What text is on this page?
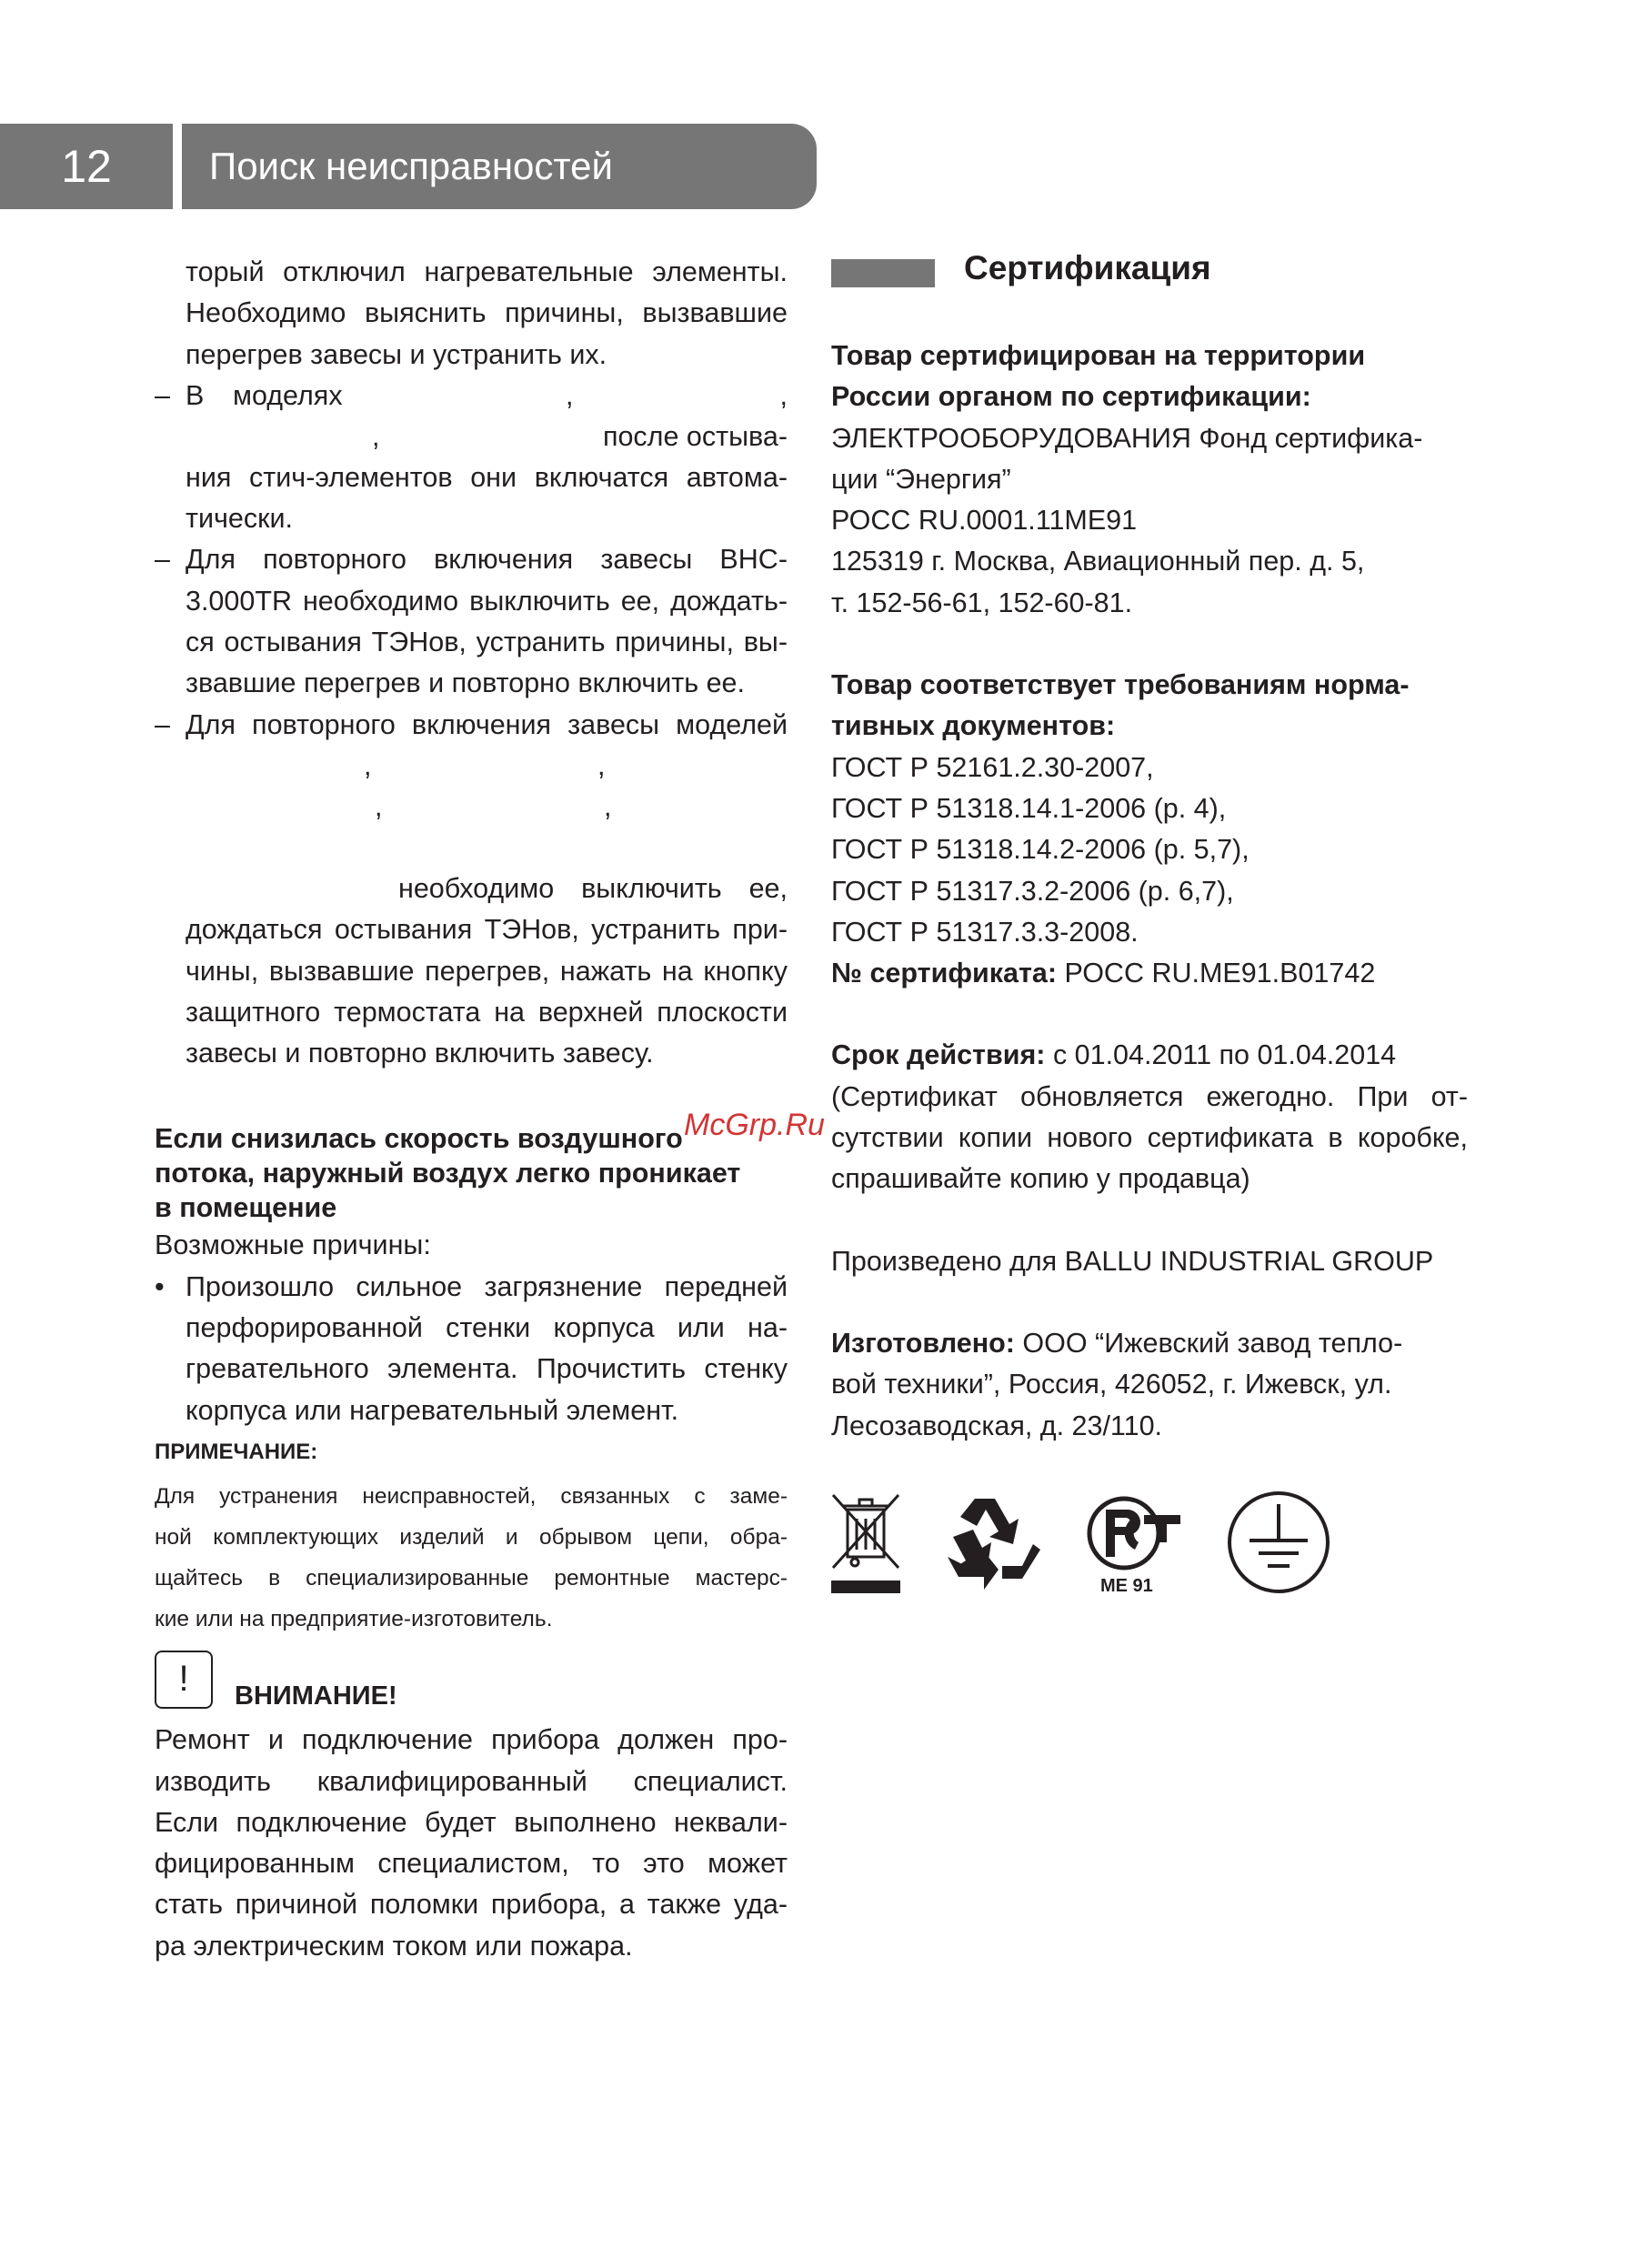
12	Поиск неисправностей

торый отключил нагревательные элементы.

Необходимо выяснить причины, вызвавшие

перегрев завесы и устранить их.

– В моделях	,	,

,	после остыва-

ния стич-элементов они включатся автома-

тически.

– Для повторного включения завесы ВНС-

3.000TR необходимо выключить ее, дождать-

ся остывания ТЭНов, устранить причины, вы-

звавшие перегрев и повторно включить ее.

– Для повторного включения завесы моделей

,	,

,	,

необходимо выключить ее,

дождаться остывания ТЭНов, устранить при-

чины, вызвавшие перегрев, нажать на кнопку

защитного термостата на верхней плоскости

завесы и повторно включить завесу.

Если снизилась скорость воздушного

потока, наружный воздух легко проникает

в помещение

Возможные причины:

• Произошло сильное загрязнение передней

перфорированной стенки корпуса или на-

гревательного элемента. Прочистить стенку

корпуса или нагревательный элемент.

ПРИМЕЧАНИЕ:

Для устранения неисправностей, связанных с заме-

ной комплектующих изделий и обрывом цепи, обра-

щайтесь в специализированные ремонтные мастерс-

кие или на предприятие-изготовитель.

!	ВНИМАНИЕ!

Ремонт и подключение прибора должен про-

изводить квалифицированный специалист.

Если подключение будет выполнено неквали-

фицированным специалистом, то это может

стать причиной поломки прибора, а также уда-

ра электрическим током или пожара.

Сертификация

Товар сертифицирован на территории

России органом по сертификации:

ЭЛЕКТРООБОРУДОВАНИЯ Фонд сертифика-

ции “Энергия”

РОСС RU.0001.11МЕ91

125319 г. Москва, Авиационный пер. д. 5,

т. 152-56-61, 152-60-81.

Товар соответствует требованиям норма-

тивных документов:

ГОСТ Р 52161.2.30-2007,

ГОСТ Р 51318.14.1-2006 (р. 4),

ГОСТ Р 51318.14.2-2006 (р. 5,7),

ГОСТ Р 51317.3.2-2006 (р. 6,7),

ГОСТ Р 51317.3.3-2008.

№ сертификата: РОСС RU.ME91.B01742

Срок действия: с 01.04.2011 по 01.04.2014

(Сертификат обновляется ежегодно. При от-

сутствии копии нового сертификата в коробке,

спрашивайте копию у продавца)

Произведено для BALLU INDUSTRIAL GROUP

Изготовлено: ООО “Ижевский завод тепло-

вой техники”, Россия, 426052, г. Ижевск, ул.

Лесозаводская, д. 23/110.

МЕ 91
McGrp.Ru
